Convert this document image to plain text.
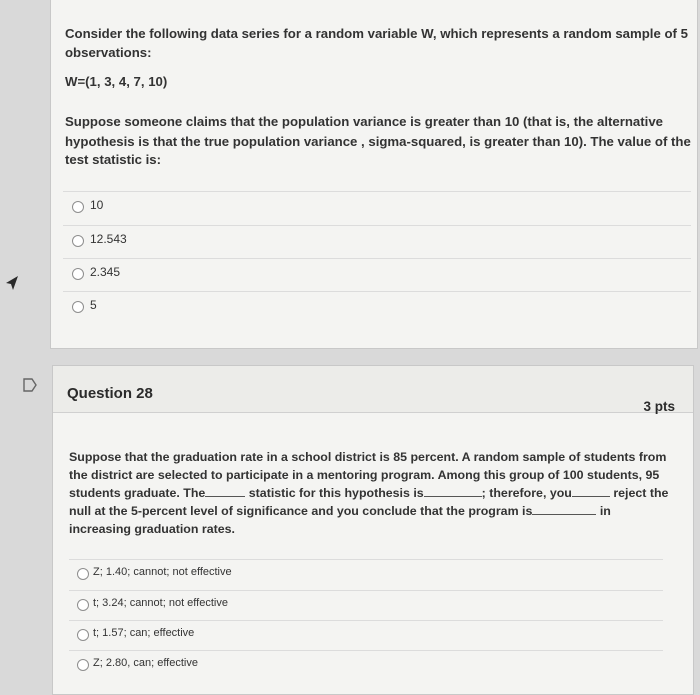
Consider the following data series for a random variable W, which represents a random sample of 5
observations:
W=(1, 3, 4, 7, 10)
Suppose someone claims that the population variance is greater than 10 (that is, the alternative
hypothesis is that the true population variance , sigma-squared, is greater than 10). The value of the
test statistic is:
10
12.543
2.345
5
Question 28
3 pts
Suppose that the graduation rate in a school district is 85 percent. A random sample of students from
the district are selected to participate in a mentoring program. Among this group of 100 students, 95
students graduate. The	statistic for this hypothesis is	; therefore, you	reject the
null at the 5-percent level of significance and you conclude that the program is	in
increasing graduation rates.
Z; 1.40; cannot; not effective
t; 3.24; cannot; not effective
t; 1.57; can; effective
Z; 2.80, can; effective
